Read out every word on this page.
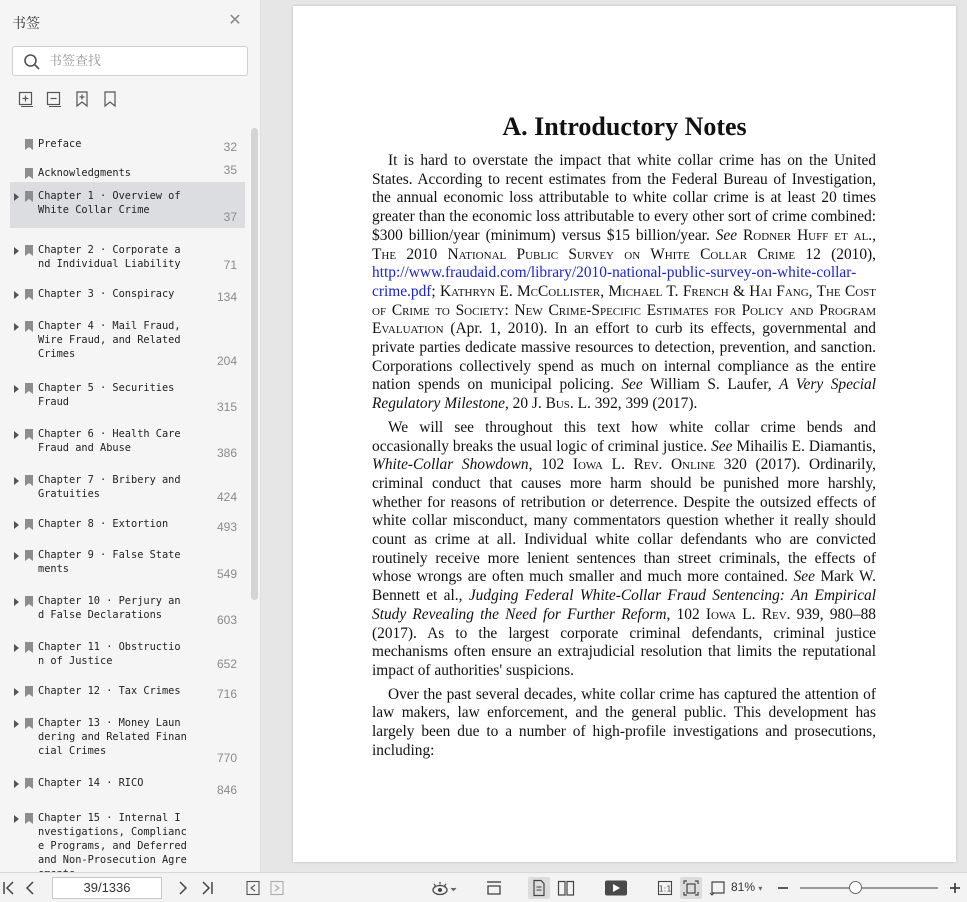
书签	✕
书签查找
Preface	32
Acknowledgments	35
Chapter 1 · Overview of
White Collar Crime	37
Chapter 2 · Corporate a
nd Individual Liability	71
Chapter 3 · Conspiracy	134
Chapter 4 · Mail Fraud,
Wire Fraud, and Related
Crimes	204
Chapter 5 · Securities
Fraud	315
Chapter 6 · Health Care
Fraud and Abuse	386
Chapter 7 · Bribery and
Gratuities	424
Chapter 8 · Extortion	493
Chapter 9 · False State
ments	549
Chapter 10 · Perjury an
d False Declarations	603
Chapter 11 · Obstructio
n of Justice	652
Chapter 12 · Tax Crimes	716
Chapter 13 · Money Laun
dering and Related Finan
cial Crimes	770
Chapter 14 · RICO	846
Chapter 15 · Internal I
nvestigations, Complianc
e Programs, and Deferred
and Non-Prosecution Agre

A. Introductory Notes

It is hard to overstate the impact that white collar crime has on the United States. According to recent estimates from the Federal Bureau of Investigation, the annual economic loss attributable to white collar crime is at least 20 times greater than the economic loss attributable to every other sort of crime combined: $300 billion/year (minimum) versus $15 billion/year. See Rodner Huff et al., The 2010 National Public Survey on White Collar Crime 12 (2010), http://www.fraudaid.com/library/2010-national-public-survey-on-white-collar-crime.pdf; Kathryn E. McCollister, Michael T. French & Hai Fang, The Cost of Crime to Society: New Crime-Specific Estimates for Policy and Program Evaluation (Apr. 1, 2010). In an effort to curb its effects, governmental and private parties dedicate massive resources to detection, prevention, and sanction. Corporations collectively spend as much on internal compliance as the entire nation spends on municipal policing. See William S. Laufer, A Very Special Regulatory Milestone, 20 J. Bus. L. 392, 399 (2017).

We will see throughout this text how white collar crime bends and occasionally breaks the usual logic of criminal justice. See Mihailis E. Diamantis, White-Collar Showdown, 102 Iowa L. Rev. Online 320 (2017). Ordinarily, criminal conduct that causes more harm should be punished more harshly, whether for reasons of retribution or deterrence. Despite the outsized effects of white collar misconduct, many commentators question whether it really should count as crime at all. Individual white collar defendants who are convicted routinely receive more lenient sentences than street criminals, the effects of whose wrongs are often much smaller and much more contained. See Mark W. Bennett et al., Judging Federal White-Collar Fraud Sentencing: An Empirical Study Revealing the Need for Further Reform, 102 Iowa L. Rev. 939, 980–88 (2017). As to the largest corporate criminal defendants, criminal justice mechanisms often ensure an extrajudicial resolution that limits the reputational impact of authorities' suspicions.

Over the past several decades, white collar crime has captured the attention of law makers, law enforcement, and the general public. This development has largely been due to a number of high-profile investigations and prosecutions, including:

39/1336	1:1	81% ▾
